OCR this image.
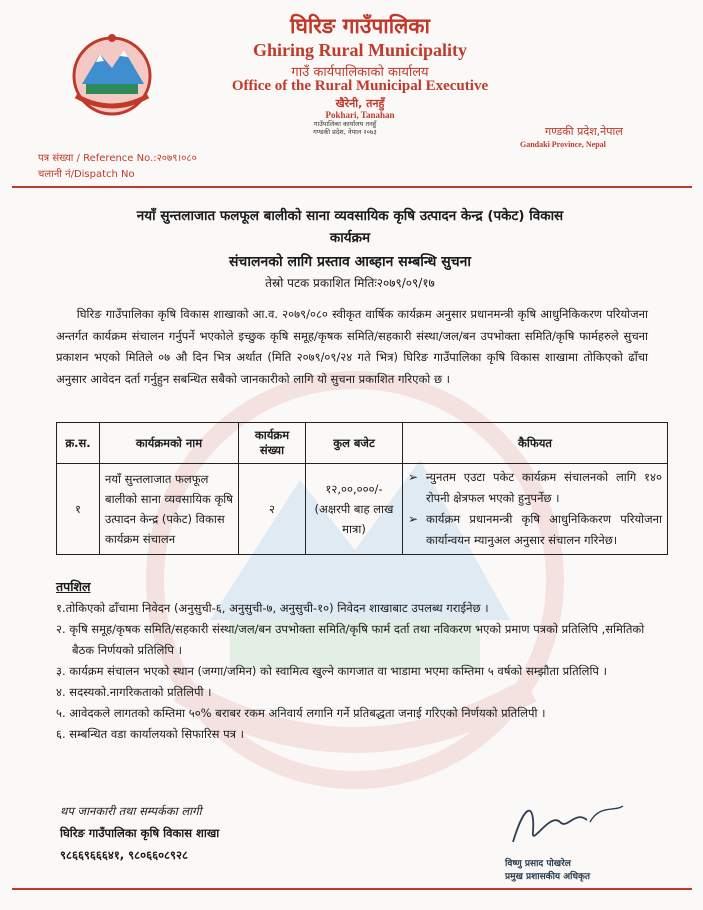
घिरिङ गाउँपालिका
Ghiring Rural Municipality
गाउँ कार्यपालिकाको कार्यालय
Office of the Rural Municipal Executive
खैरेनी, तनहुँ
Pokhari, Tanahan
गण्डकी प्रदेश,नेपाल
Gandaki Province, Nepal
पत्र संख्या / Reference No.:२०७९।०८०
चलानी नं/Dispatch No
गाउँपालिका कार्यालय तनहुँ गण्डकी प्रदेश, नेपाल २०७३
नयाँ सुन्तलाजात फलफूल बालीको साना व्यवसायिक कृषि उत्पादन केन्द्र (पकेट) विकास
कार्यक्रम
संचालनको लागि प्रस्ताव आब्हान सम्बन्धि सुचना
तेस्रो पटक प्रकाशित मितिः२०७९/०९/१७
घिरिङ गाउँपालिका कृषि विकास शाखाको आ.व. २०७९/०८० स्वीकृत वार्षिक कार्यक्रम अनुसार प्रधानमन्त्री कृषि आधुनिकिकरण परियोजना अन्तर्गत कार्यक्रम संचालन गर्नुपर्ने भएकोले इच्छुक कृषि समूह/कृषक समिति/सहकारी संस्था/जल/बन उपभोक्ता समिति/कृषि फार्महरुले सुचना प्रकाशन भएको मितिले ०७ औ दिन भित्र अर्थात (मिति २०७९/०९/२४ गते भित्र) घिरिङ गाउँपालिका कृषि विकास शाखामा तोकिएको ढाँचा अनुसार आवेदन दर्ता गर्नुहुन सबन्धित सबैको जानकारीको लागि यो सुचना प्रकाशित गरिएको छ ।
क्र.स.	कार्यक्रमको नाम	कार्यक्रम संख्या	कुल बजेट	कैफियत
१	नयाँ सुन्तलाजात फलफूल बालीको साना व्यवसायिक कृषि उत्पादन केन्द्र (पकेट) विकास कार्यक्रम संचालन	२	१२,००,०००/- (अक्षरपी बाह लाख मात्रा)	➢ न्युनतम एउटा पकेट कार्यक्रम संचालनको लागि १४० रोपनी क्षेत्रफल भएको हुनुपर्नेछ ।

➢ कार्यक्रम प्रधानमन्त्री कृषि आधुनिकिकरण परियोजना कार्यान्वयन म्यानुअल अनुसार संचालन गरिनेछ।

तपशिल
१.तोकिएको ढाँचामा निवेदन (अनुसुची-६, अनुसुची-७, अनुसुची-१०) निवेदन शाखाबाट उपलब्ध गराईनेछ ।
२. कृषि समूह/कृषक समिति/सहकारी संस्था/जल/बन उपभोक्ता समिति/कृषि फार्म दर्ता तथा नविकरण भएको प्रमाण पत्रको प्रतिलिपि ,समितिको बैठक निर्णयको प्रतिलिपि ।
३. कार्यक्रम संचालन भएको स्थान (जग्गा/जमिन) को स्वामित्व खुल्ने कागजात वा भाडामा भएमा कम्तिमा ५ वर्षको सम्झौता प्रतिलिपि ।
४. सदस्यको.नागरिकताको प्रतिलिपी ।
५. आवेदकले लागतको कम्तिमा ५०% बराबर रकम अनिवार्य लगानि गर्ने प्रतिबद्धता जनाई गरिएको निर्णयको प्रतिलिपी ।
६. सम्बन्धित वडा कार्यालयको सिफारिस पत्र ।
थप जानकारी तथा सम्पर्कका लागी
घिरिङ गाउँपालिका कृषि विकास शाखा
९८६६९६६६४१, ९८०६६०८९२८
विष्णु प्रसाद पोखरेल
प्रमुख प्रशासकीय अधिकृत
